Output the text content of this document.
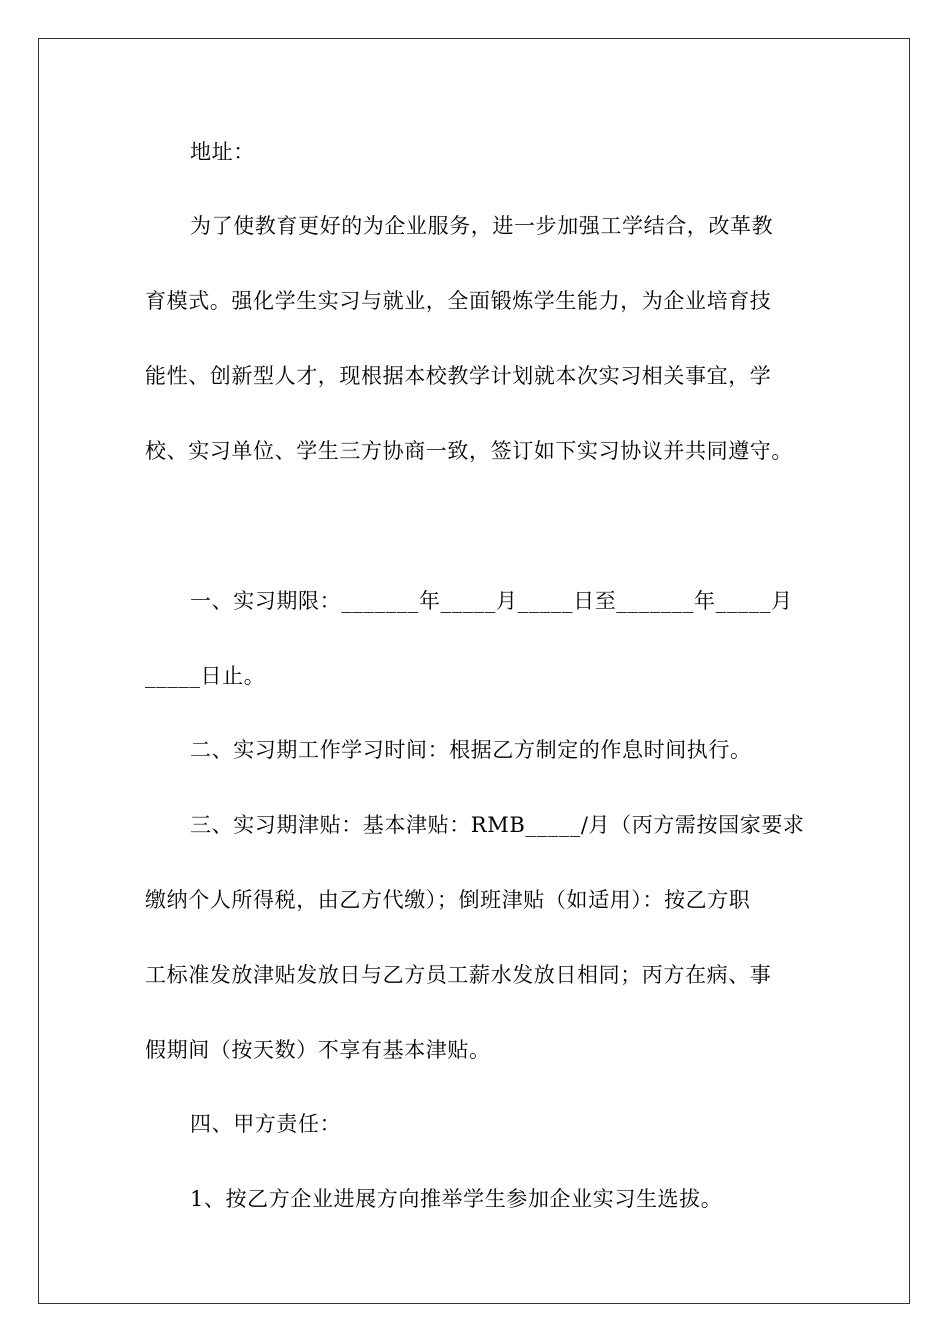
地址：
为了使教育更好的为企业服务，进一步加强工学结合，改革教
育模式。强化学生实习与就业，全面锻炼学生能力，为企业培育技
能性、创新型人才，现根据本校教学计划就本次实习相关事宜，学
校、实习单位、学生三方协商一致，签订如下实习协议并共同遵守。
一、实习期限：_______年_____月_____日至_______年_____月
_____日止。
二、实习期工作学习时间：根据乙方制定的作息时间执行。
三、实习期津贴：基本津贴：RMB_____/月（丙方需按国家要求
缴纳个人所得税，由乙方代缴）；倒班津贴（如适用）：按乙方职
工标准发放津贴发放日与乙方员工薪水发放日相同；丙方在病、事
假期间（按天数）不享有基本津贴。
四、甲方责任：
1、按乙方企业进展方向推举学生参加企业实习生选拔。
